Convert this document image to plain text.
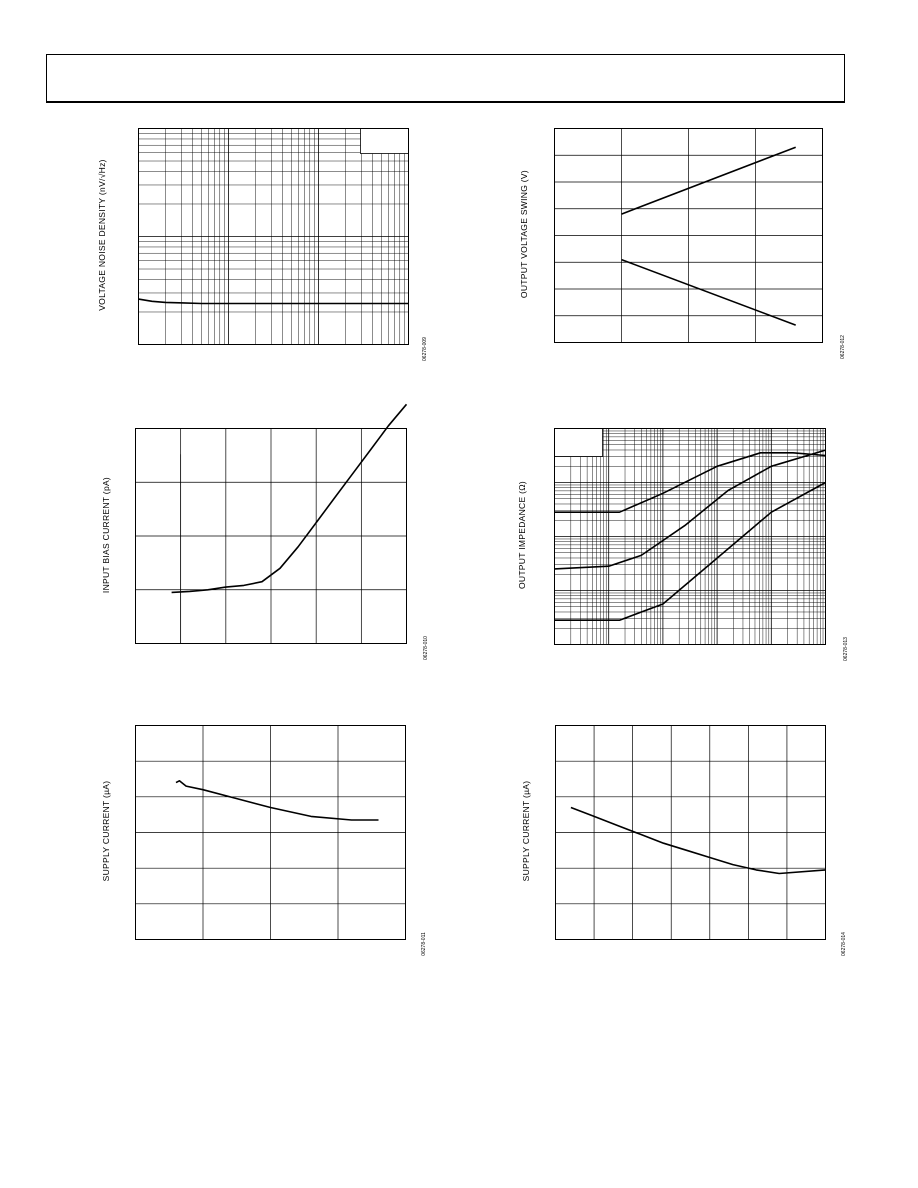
VOLTAGE NOISE DENSITY (nV/√Hz)
06278-009
OUTPUT VOLTAGE SWING (V)
06278-012
INPUT BIAS CURRENT (pA)
06278-010
OUTPUT IMPEDANCE (Ω)
06278-013
SUPPLY CURRENT (µA)
06278-011
SUPPLY CURRENT (µA)
06278-014
